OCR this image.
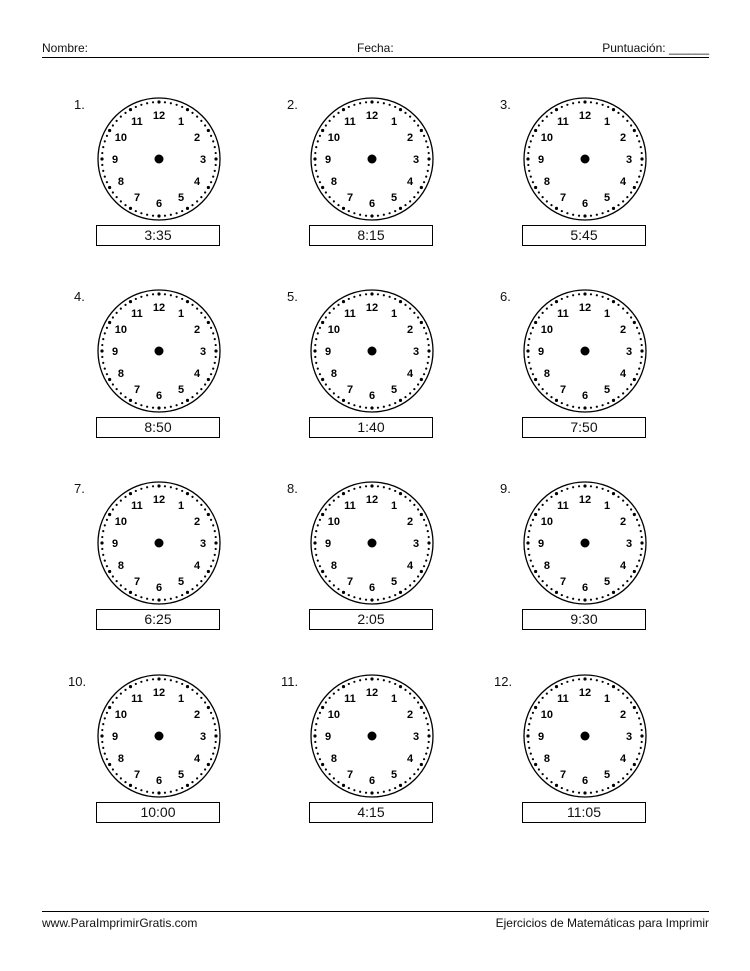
Nombre:	Fecha:	Puntuación: ______
1.
12 1
2
3
4
5
6
7
8
9
10
11
3:35
2.
12 1
2
3
4
5
6
7
8
9
10
11
8:15
3.
12 1
2
3
4
5
6
7
8
9
10
11
5:45
4.
12 1
2
3
4
5
6
7
8
9
10
11
8:50
5.
12 1
2
3
4
5
6
7
8
9
10
11
1:40
6.
12 1
2
3
4
5
6
7
8
9
10
11
7:50
7.
12 1
2
3
4
5
6
7
8
9
10
11
6:25
8.
12 1
2
3
4
5
6
7
8
9
10
11
2:05
9.
12 1
2
3
4
5
6
7
8
9
10
11
9:30
10.
12 1
2
3
4
5
6
7
8
9
10
11
10:00
11.
12 1
2
3
4
5
6
7
8
9
10
11
4:15
12.
12 1
2
3
4
5
6
7
8
9
10
11
11:05
www.ParaImprimirGratis.com	Ejercicios de Matemáticas para Imprimir
